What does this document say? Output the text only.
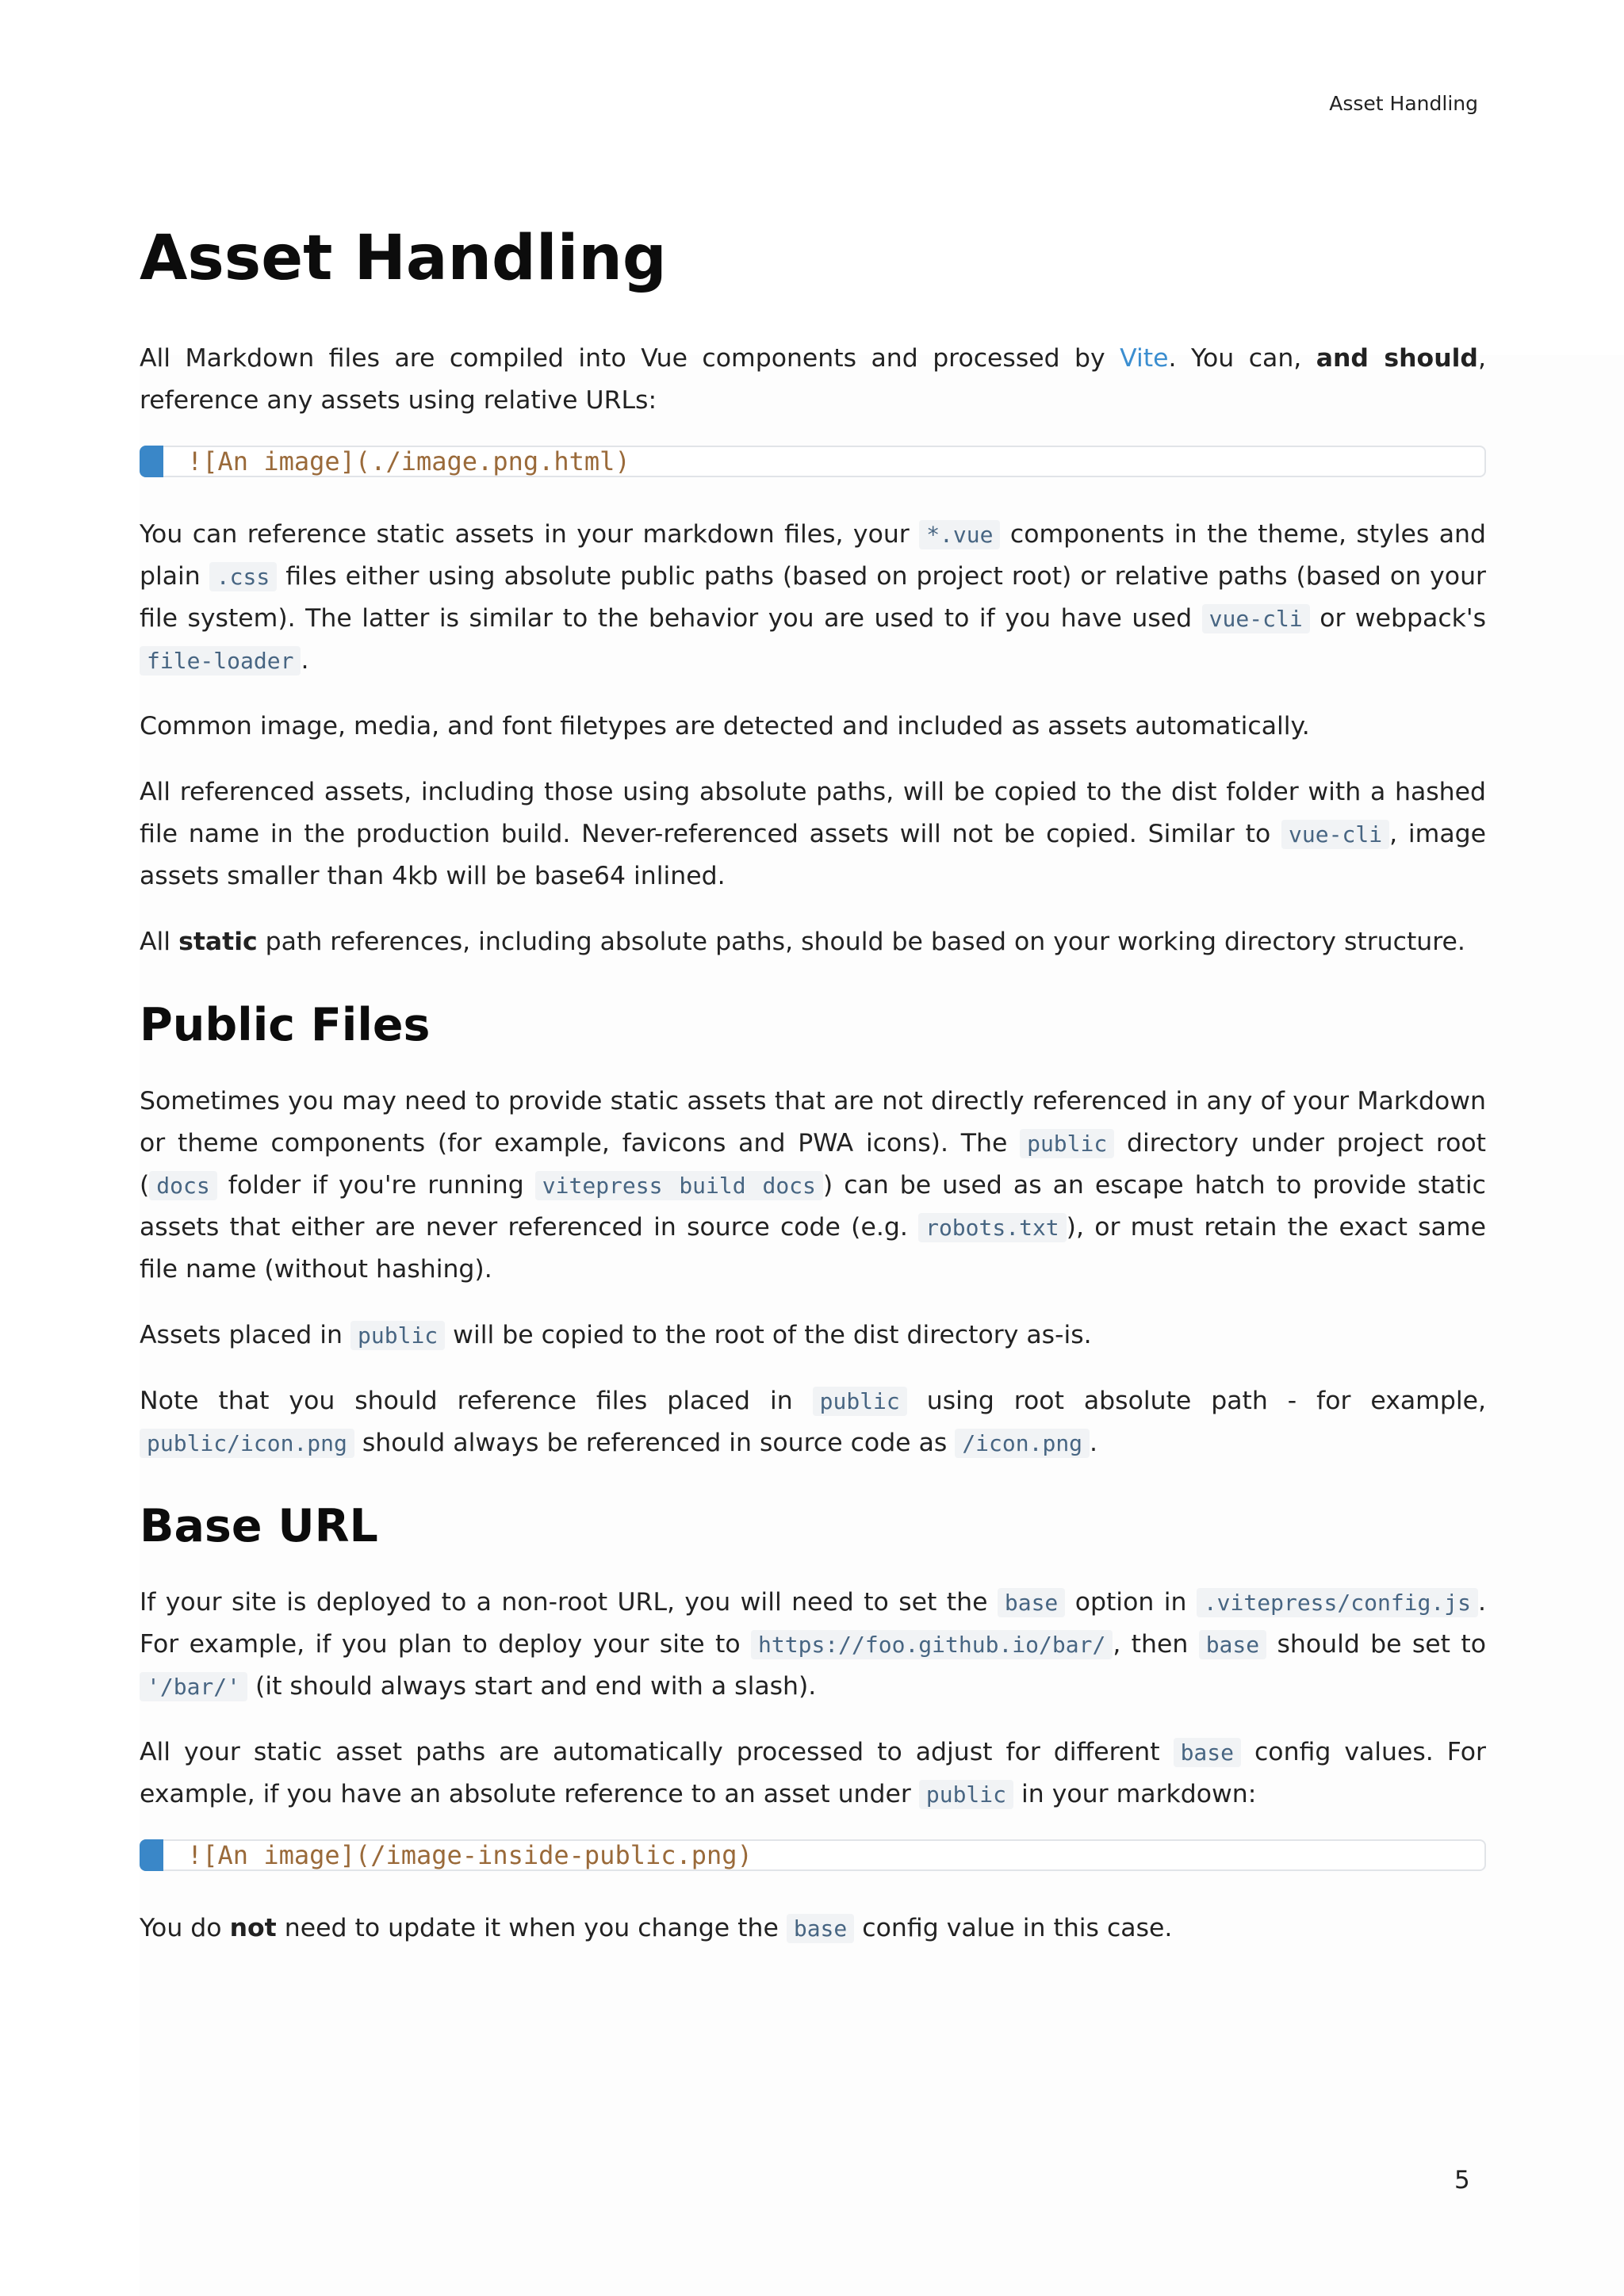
Asset Handling
Asset Handling

All Markdown files are compiled into Vue components and processed by Vite. You can, and should, reference any assets using relative URLs:

![An image](./image.png.html)

You can reference static assets in your markdown files, your *.vue components in the theme, styles and plain .css files either using absolute public paths (based on project root) or relative paths (based on your file system). The latter is similar to the behavior you are used to if you have used vue-cli or webpack's file-loader .

Common image, media, and font filetypes are detected and included as assets automatically.

All referenced assets, including those using absolute paths, will be copied to the dist folder with a hashed file name in the production build. Never-referenced assets will not be copied. Similar to vue-cli , image assets smaller than 4kb will be base64 inlined.

All static path references, including absolute paths, should be based on your working directory structure.

Public Files

Sometimes you may need to provide static assets that are not directly referenced in any of your Markdown or theme components (for example, favicons and PWA icons). The public directory under project root ( docs folder if you're running vitepress build docs ) can be used as an escape hatch to provide static assets that either are never referenced in source code (e.g. robots.txt ), or must retain the exact same file name (without hashing).

Assets placed in public will be copied to the root of the dist directory as-is.

Note that you should reference files placed in public using root absolute path - for example, public/icon.png should always be referenced in source code as /icon.png .

Base URL

If your site is deployed to a non-root URL, you will need to set the base option in .vitepress/config.js . For example, if you plan to deploy your site to https://foo.github.io/bar/ , then base should be set to '/bar/' (it should always start and end with a slash).

All your static asset paths are automatically processed to adjust for different base config values. For example, if you have an absolute reference to an asset under public in your markdown:

![An image](/image-inside-public.png)

You do not need to update it when you change the base config value in this case.

5
